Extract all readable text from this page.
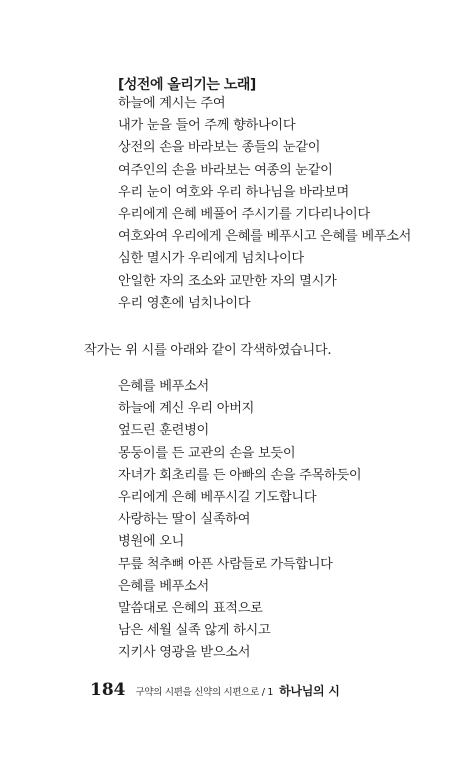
[성전에 올리기는 노래]
하늘에 계시는 주여
내가 눈을 들어 주께 향하나이다
상전의 손을 바라보는 종들의 눈같이
여주인의 손을 바라보는 여종의 눈같이
우리 눈이 여호와 우리 하나님을 바라보며
우리에게 은혜 베풀어 주시기를 기다리나이다
여호와여 우리에게 은혜를 베푸시고 은혜를 베푸소서
심한 멸시가 우리에게 넘치나이다
안일한 자의 조소와 교만한 자의 멸시가
우리 영혼에 넘치나이다
작가는 위 시를 아래와 같이 각색하였습니다.
은혜를 베푸소서
하늘에 계신 우리 아버지
엎드린 훈련병이
몽둥이를 든 교관의 손을 보듯이
자녀가 회초리를 든 아빠의 손을 주목하듯이
우리에게 은혜 베푸시길 기도합니다
사랑하는 딸이 실족하여
병원에 오니
무릎 척추뼈 아픈 사람들로 가득합니다
은혜를 베푸소서
말씀대로 은혜의 표적으로
남은 세월 실족 않게 하시고
지키사 영광을 받으소서
184 구약의 시편을 신약의 시편으로 / 1 하나님의 시
